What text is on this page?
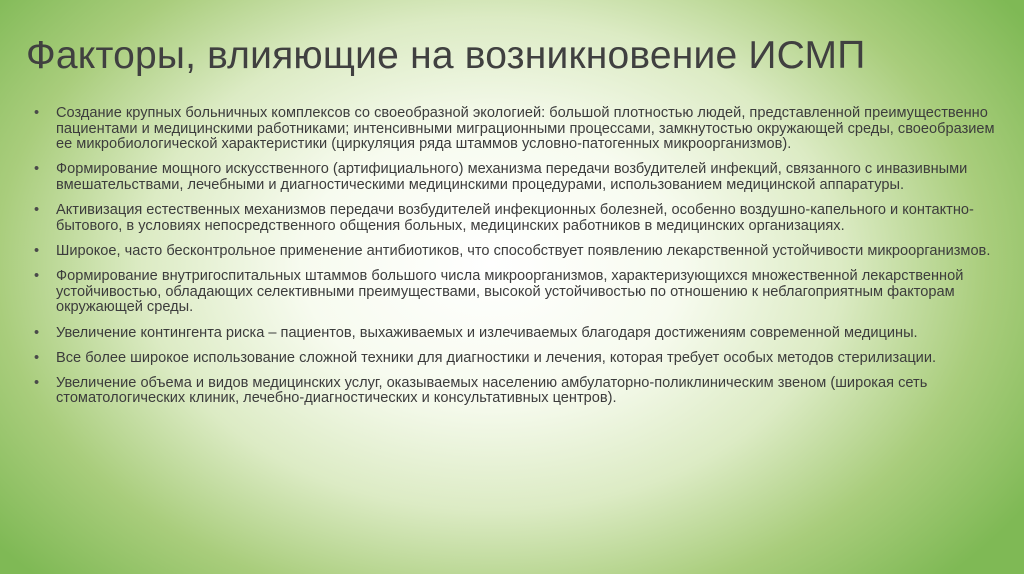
Факторы, влияющие на возникновение ИСМП
•	Создание крупных больничных комплексов со своеобразной экологией: большой плотностью людей, представленной преимущественно пациентами и медицинскими работниками; интенсивными миграционными процессами, замкнутостью окружающей среды, своеобразием ее микробиологической характеристики (циркуляция ряда штаммов условно-патогенных микроорганизмов).
•	Формирование мощного искусственного (артифициального) механизма передачи возбудителей инфекций, связанного с инвазивными вмешательствами, лечебными и диагностическими медицинскими процедурами, использованием медицинской аппаратуры.
•	Активизация естественных механизмов передачи возбудителей инфекционных болезней, особенно воздушно-капельного и контактно-бытового, в условиях непосредственного общения больных, медицинских работников в медицинских организациях.
•	Широкое, часто бесконтрольное применение антибиотиков, что способствует появлению лекарственной устойчивости микроорганизмов.
•	Формирование внутригоспитальных штаммов большого числа микроорганизмов, характеризующихся множественной лекарственной устойчивостью, обладающих селективными преимуществами, высокой устойчивостью по отношению к неблагоприятным факторам окружающей среды.
•	Увеличение контингента риска – пациентов, выхаживаемых и излечиваемых благодаря достижениям современной медицины.
•	Все более широкое использование сложной техники для диагностики и лечения, которая требует особых методов стерилизации.
•	Увеличение объема и видов медицинских услуг, оказываемых населению амбулаторно-поликлиническим звеном (широкая сеть стоматологических клиник, лечебно-диагностических и консультативных центров).
